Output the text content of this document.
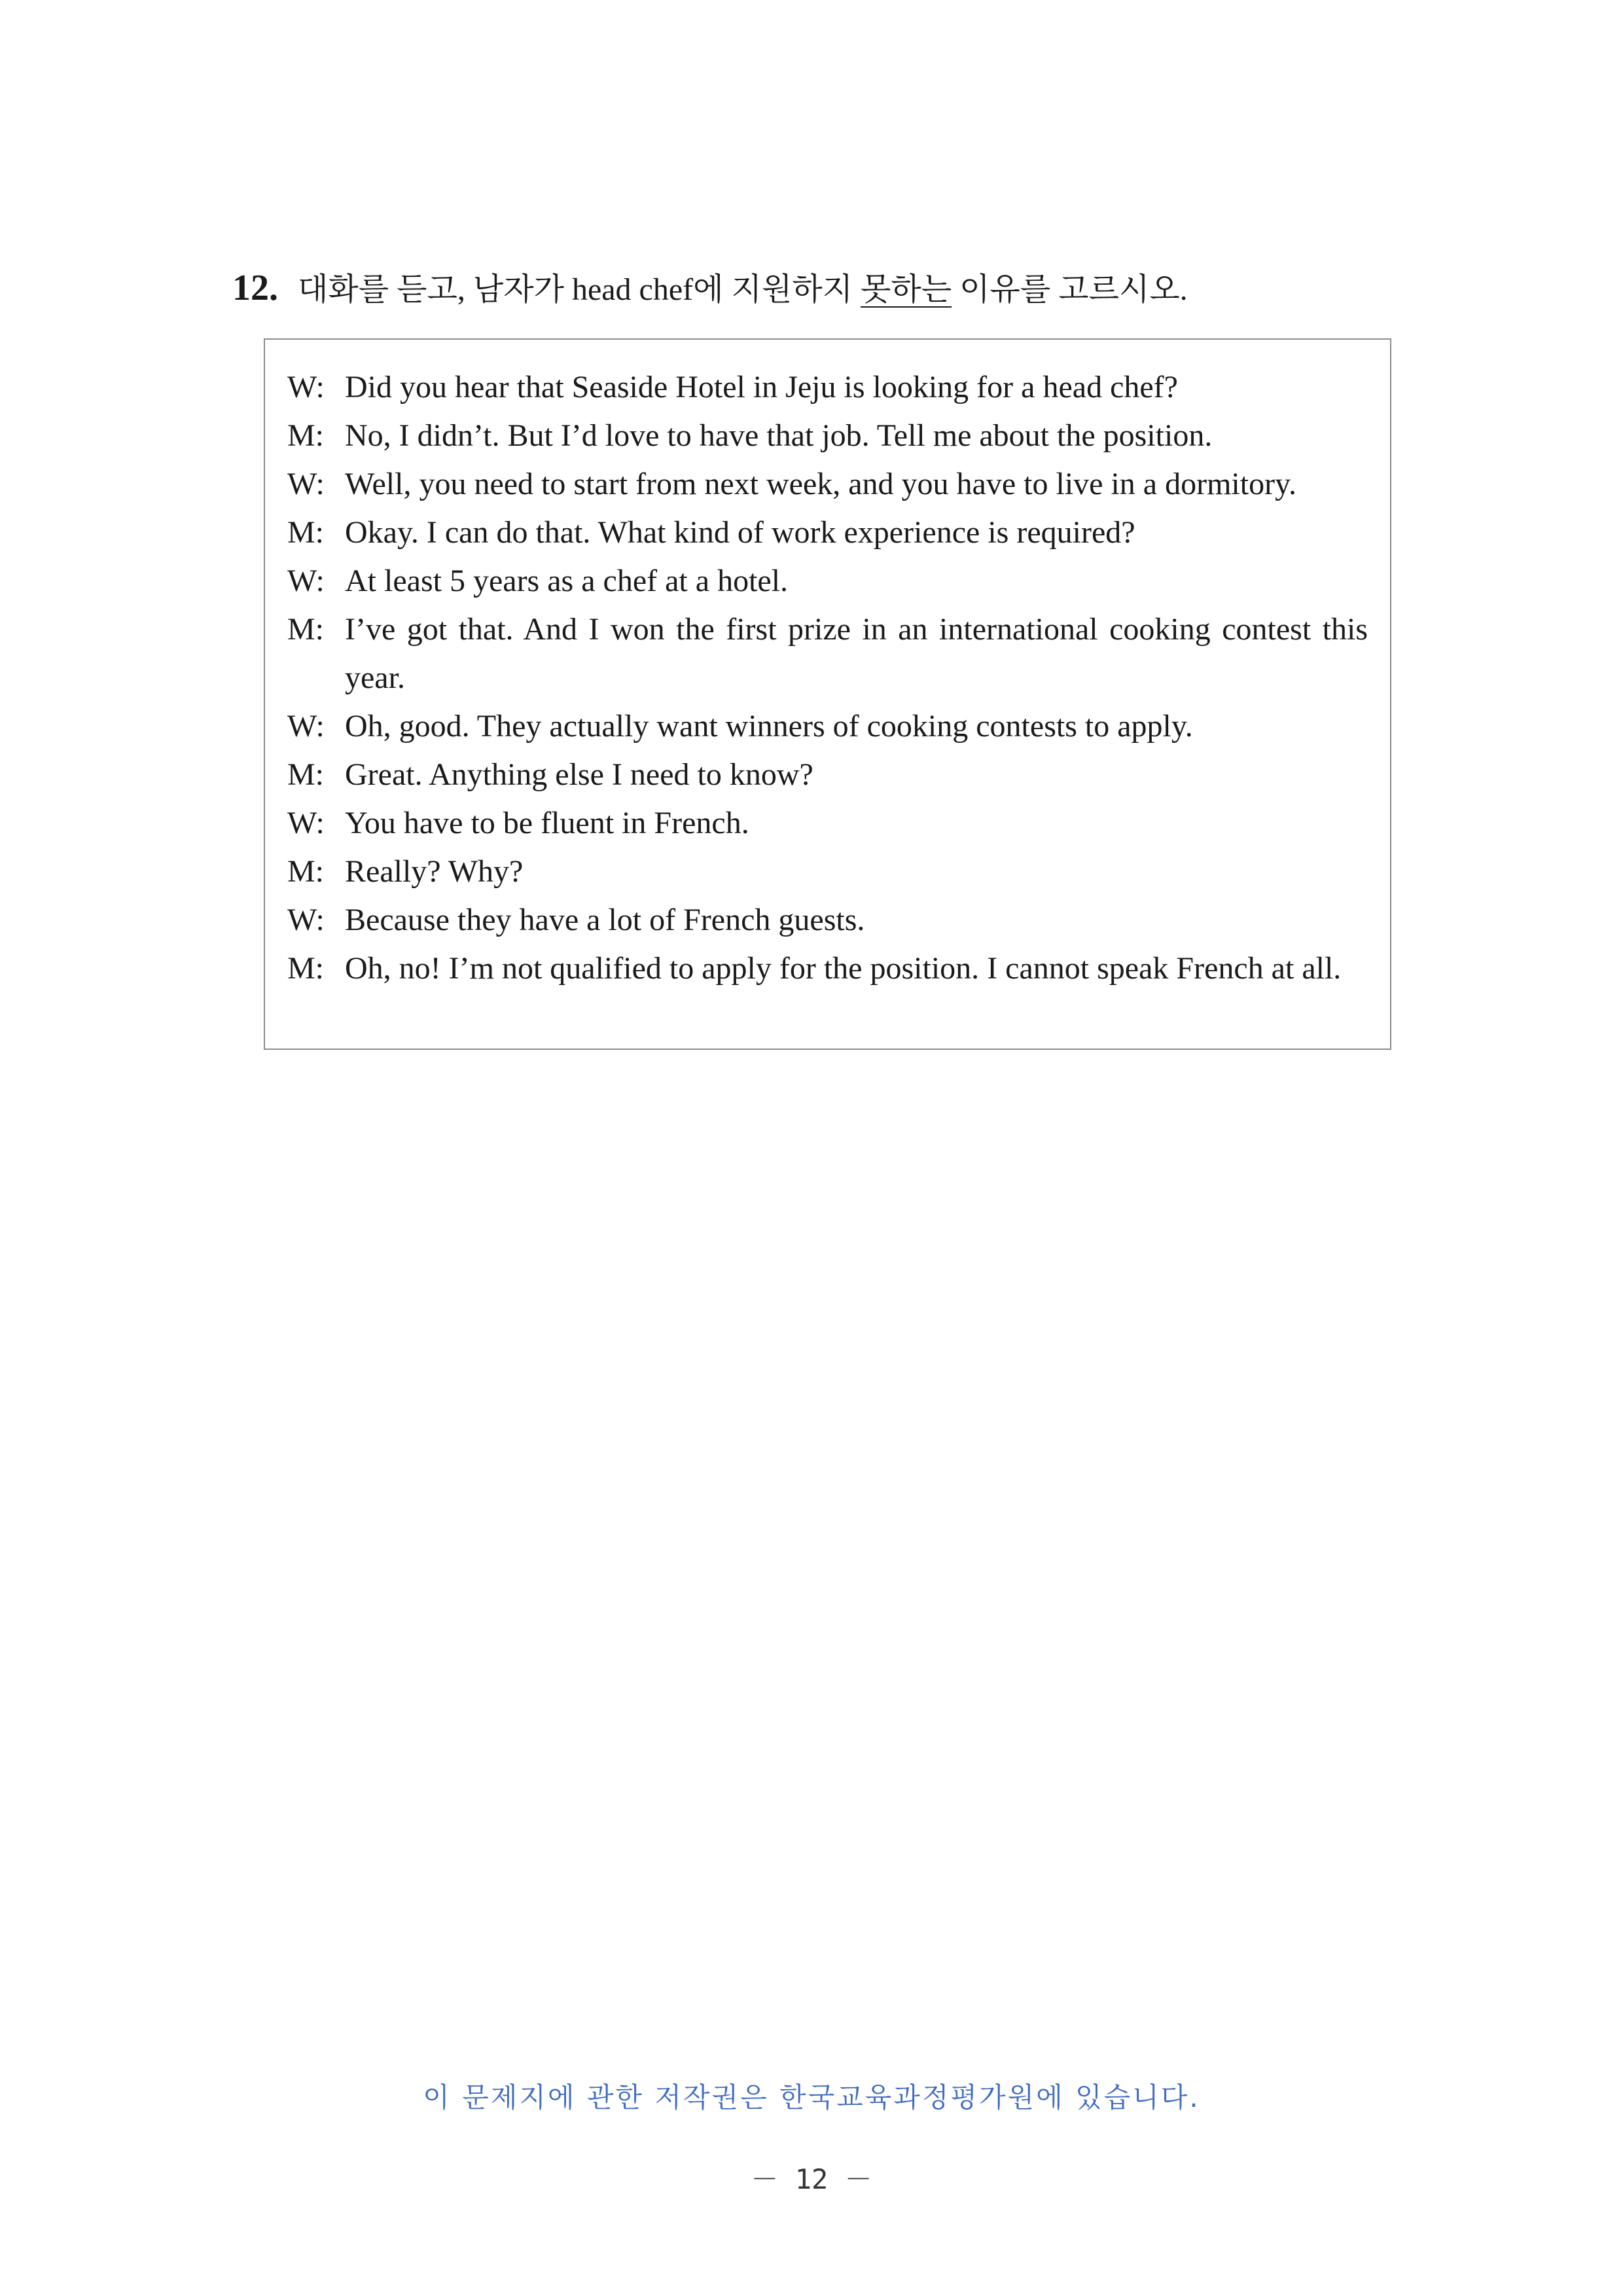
12. 대화를 듣고, 남자가 head chef에 지원하지 못하는 이유를 고르시오.
W: Did you hear that Seaside Hotel in Jeju is looking for a head chef?
M: No, I didn’t. But I’d love to have that job. Tell me about the position.
W: Well, you need to start from next week, and you have to live in a dormitory.
M: Okay. I can do that. What kind of work experience is required?
W: At least 5 years as a chef at a hotel.
M: I’ve got that. And I won the first prize in an international cooking contest this year.
W: Oh, good. They actually want winners of cooking contests to apply.
M: Great. Anything else I need to know?
W: You have to be fluent in French.
M: Really? Why?
W: Because they have a lot of French guests.
M: Oh, no! I’m not qualified to apply for the position. I cannot speak French at all.
이 문제지에 관한 저작권은 한국교육과정평가원에 있습니다.
－ 12 －
